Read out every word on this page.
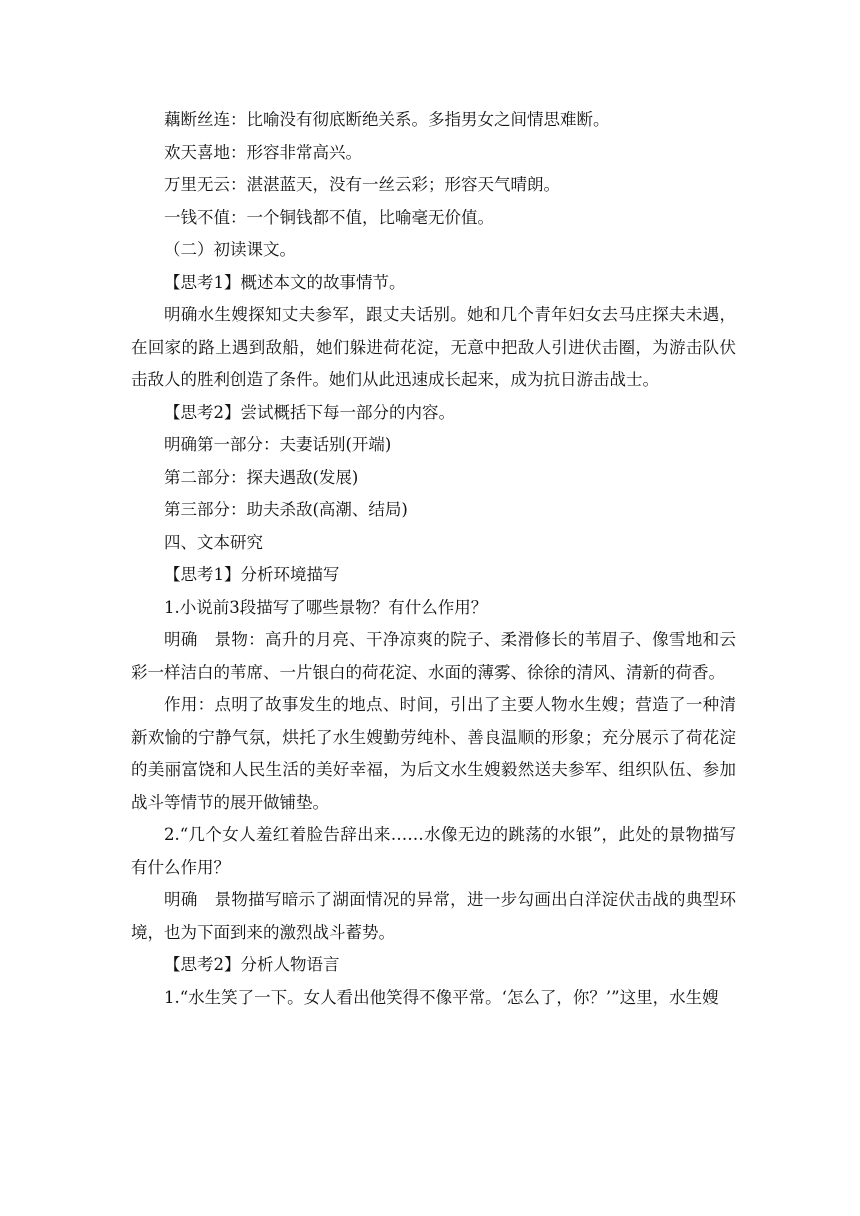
藕断丝连：比喻没有彻底断绝关系。多指男女之间情思难断。

欢天喜地：形容非常高兴。

万里无云：湛湛蓝天，没有一丝云彩；形容天气晴朗。

一钱不值：一个铜钱都不值，比喻毫无价值。

（二）初读课文。

【思考1】概述本文的故事情节。

明确水生嫂探知丈夫参军，跟丈夫话别。她和几个青年妇女去马庄探夫未遇，在回家的路上遇到敌船，她们躲进荷花淀，无意中把敌人引进伏击圈，为游击队伏击敌人的胜利创造了条件。她们从此迅速成长起来，成为抗日游击战士。

【思考2】尝试概括下每一部分的内容。

明确第一部分：夫妻话别(开端)

第二部分：探夫遇敌(发展)

第三部分：助夫杀敌(高潮、结局)

四、文本研究

【思考1】分析环境描写

1.小说前3段描写了哪些景物？有什么作用？

明确　景物：高升的月亮、干净凉爽的院子、柔滑修长的苇眉子、像雪地和云彩一样洁白的苇席、一片银白的荷花淀、水面的薄雾、徐徐的清风、清新的荷香。

作用：点明了故事发生的地点、时间，引出了主要人物水生嫂；营造了一种清新欢愉的宁静气氛，烘托了水生嫂勤劳纯朴、善良温顺的形象；充分展示了荷花淀的美丽富饶和人民生活的美好幸福，为后文水生嫂毅然送夫参军、组织队伍、参加战斗等情节的展开做铺垫。

2.“几个女人羞红着脸告辞出来……水像无边的跳荡的水银”，此处的景物描写有什么作用？

明确　景物描写暗示了湖面情况的异常，进一步勾画出白洋淀伏击战的典型环境，也为下面到来的激烈战斗蓄势。

【思考2】分析人物语言

1.“水生笑了一下。女人看出他笑得不像平常。‘怎么了，你？’”这里，水生嫂
